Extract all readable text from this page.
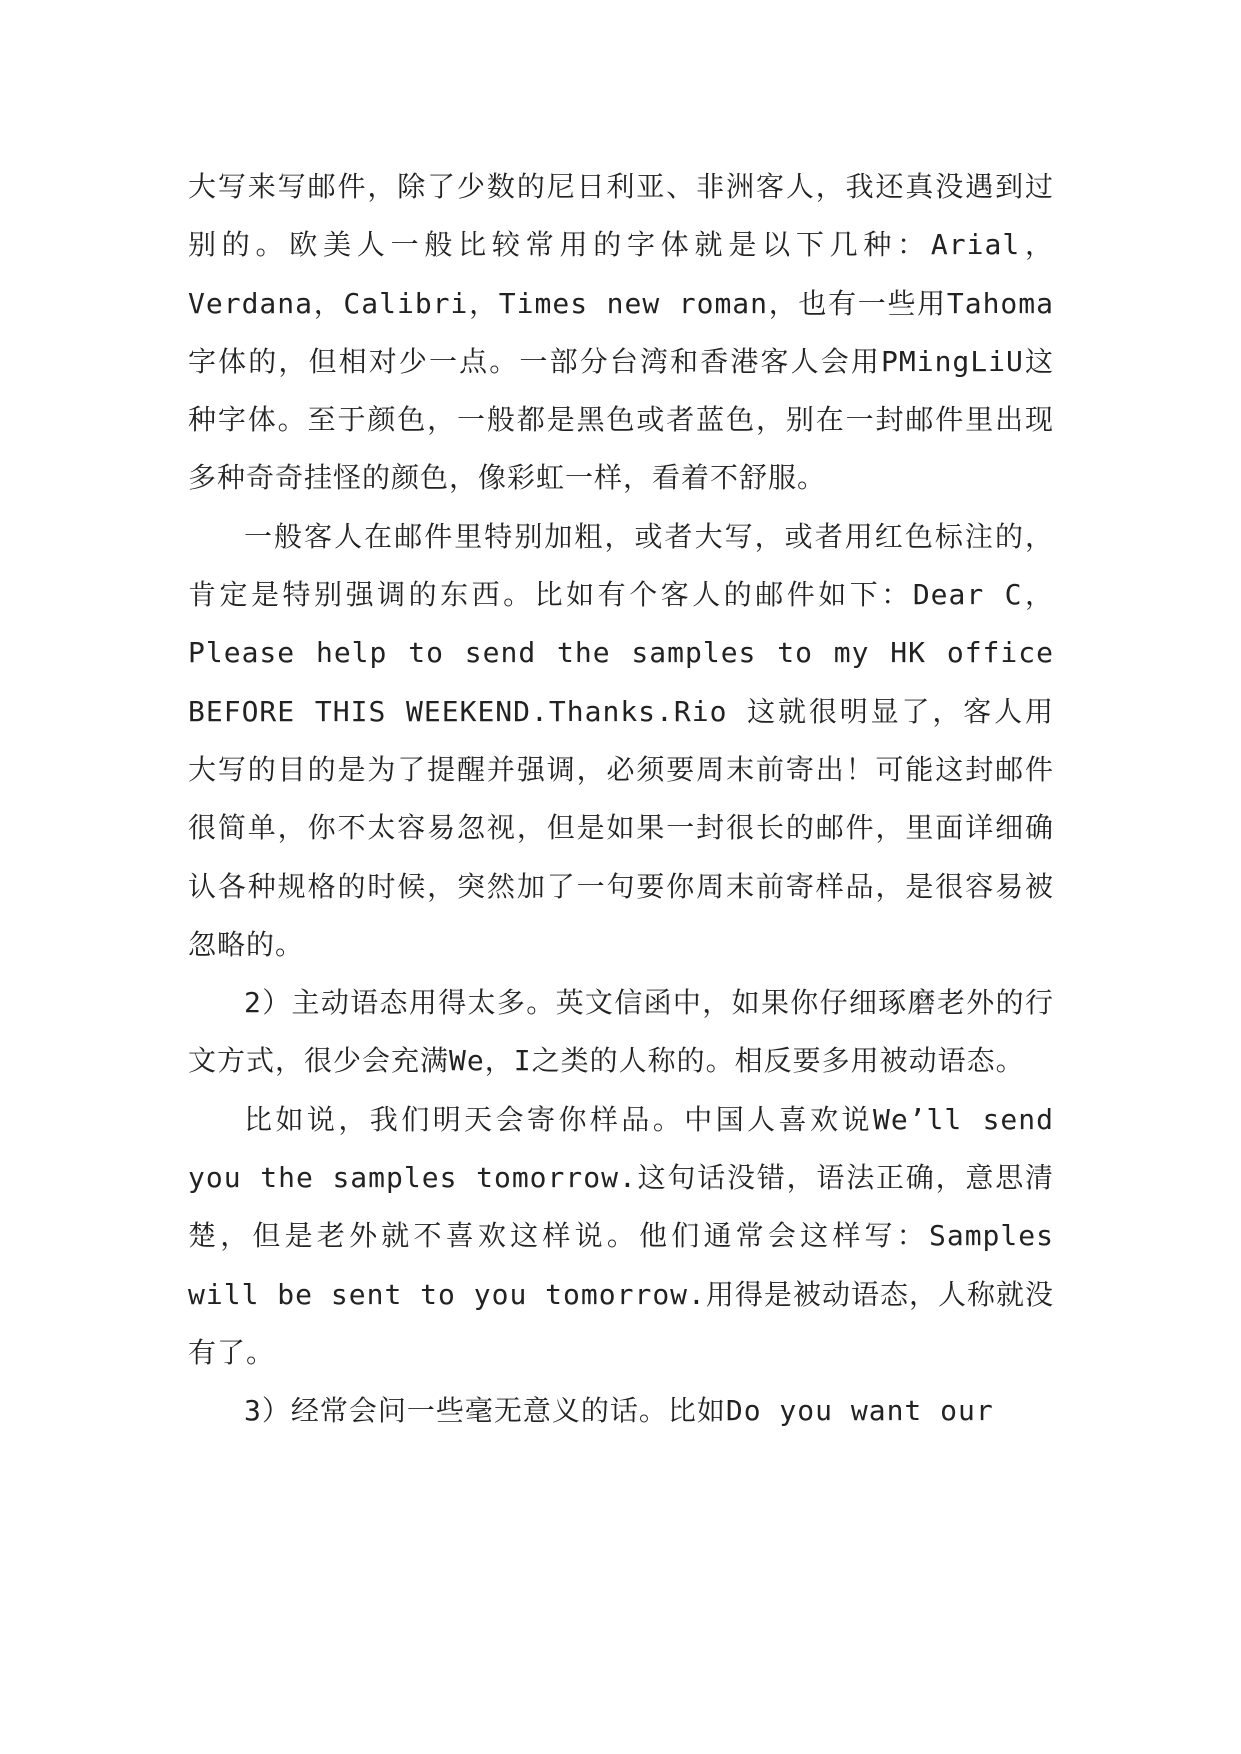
大写来写邮件，除了少数的尼日利亚、非洲客人，我还真没遇到过别的。欧美人一般比较常用的字体就是以下几种：Arial，Verdana，Calibri，Times new roman，也有一些用Tahoma字体的，但相对少一点。一部分台湾和香港客人会用PMingLiU这种字体。至于颜色，一般都是黑色或者蓝色，别在一封邮件里出现多种奇奇挂怪的颜色，像彩虹一样，看着不舒服。

一般客人在邮件里特别加粗，或者大写，或者用红色标注的，肯定是特别强调的东西。比如有个客人的邮件如下：Dear C，Please help to send the samples to my HK office BEFORE THIS WEEKEND.Thanks.Rio 这就很明显了，客人用大写的目的是为了提醒并强调，必须要周末前寄出！可能这封邮件很简单，你不太容易忽视，但是如果一封很长的邮件，里面详细确认各种规格的时候，突然加了一句要你周末前寄样品，是很容易被忽略的。

2）主动语态用得太多。英文信函中，如果你仔细琢磨老外的行文方式，很少会充满We，I之类的人称的。相反要多用被动语态。

比如说，我们明天会寄你样品。中国人喜欢说We’ll send you the samples tomorrow.这句话没错，语法正确，意思清楚，但是老外就不喜欢这样说。他们通常会这样写：Samples will be sent to you tomorrow.用得是被动语态，人称就没有了。

3）经常会问一些毫无意义的话。比如Do you want our
